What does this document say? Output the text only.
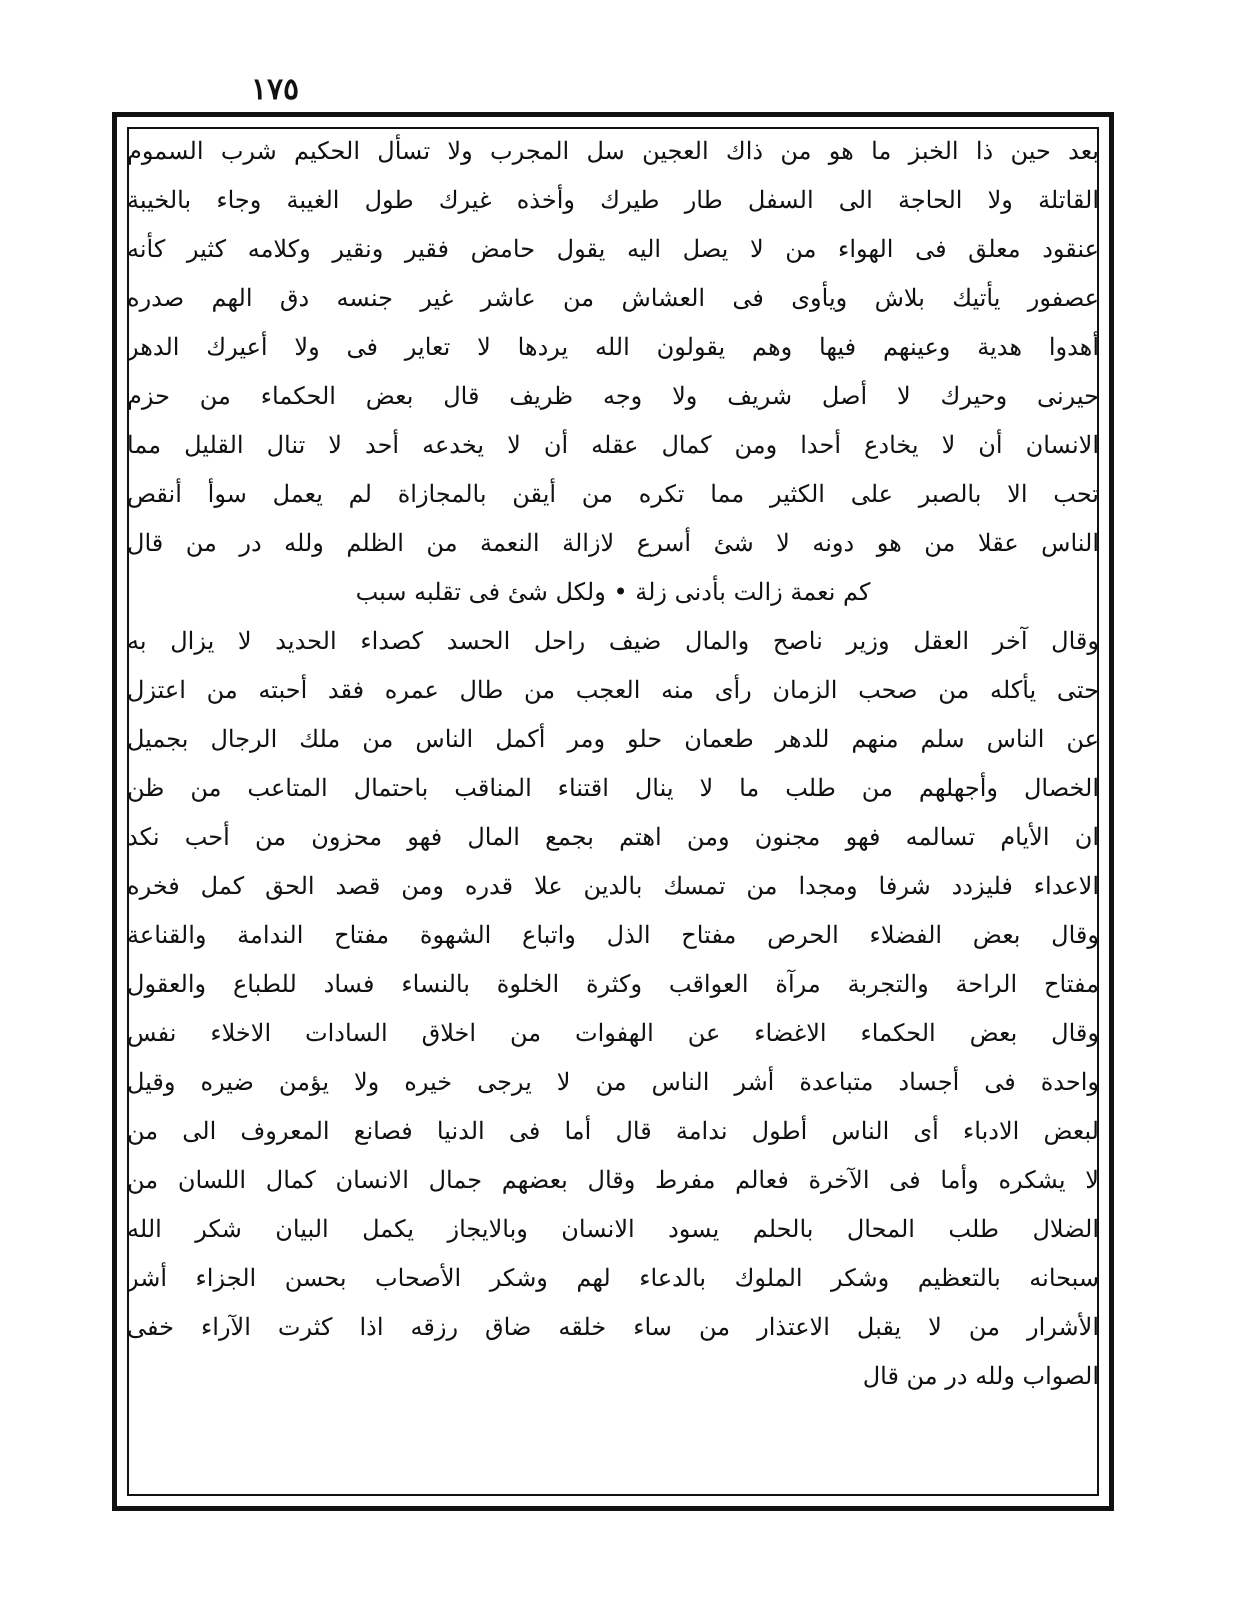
١٧٥
بعد حين ذا الخبز ما هو من ذاك العجين سل المجرب ولا تسأل الحكيم شرب السموم
القاتلة ولا الحاجة الى السفل طار طيرك وأخذه غيرك طول الغيبة وجاء بالخيبة
عنقود معلق فى الهواء من لا يصل اليه يقول حامض فقير ونقير وكلامه كثير كأنه
عصفور يأتيك بلاش ويأوى فى العشاش من عاشر غير جنسه دق الهم صدره
أهدوا هدية وعينهم فيها وهم يقولون الله يردها لا تعاير فى ولا أعيرك الدهر
حيرنى وحيرك لا أصل شريف ولا وجه ظريف قال بعض الحكماء من حزم
الانسان أن لا يخادع أحدا ومن كمال عقله أن لا يخدعه أحد لا تنال القليل مما
تحب الا بالصبر على الكثير مما تكره من أيقن بالمجازاة لم يعمل سوأ أنقص
الناس عقلا من هو دونه لا شئ أسرع لازالة النعمة من الظلم ولله در من قال
كم نعمة زالت بأدنى زلة • ولكل شئ فى تقلبه سبب
وقال آخر العقل وزير ناصح والمال ضيف راحل الحسد كصداء الحديد لا يزال به
حتى يأكله من صحب الزمان رأى منه العجب من طال عمره فقد أحبته من اعتزل
عن الناس سلم منهم للدهر طعمان حلو ومر أكمل الناس من ملك الرجال بجميل
الخصال وأجهلهم من طلب ما لا ينال اقتناء المناقب باحتمال المتاعب من ظن
ان الأيام تسالمه فهو مجنون ومن اهتم بجمع المال فهو محزون من أحب نكد
الاعداء فليزدد شرفا ومجدا من تمسك بالدين علا قدره ومن قصد الحق كمل فخره
وقال بعض الفضلاء الحرص مفتاح الذل واتباع الشهوة مفتاح الندامة والقناعة
مفتاح الراحة والتجربة مرآة العواقب وكثرة الخلوة بالنساء فساد للطباع والعقول
وقال بعض الحكماء الاغضاء عن الهفوات من اخلاق السادات الاخلاء نفس
واحدة فى أجساد متباعدة أشر الناس من لا يرجى خيره ولا يؤمن ضيره وقيل
لبعض الادباء أى الناس أطول ندامة قال أما فى الدنيا فصانع المعروف الى من
لا يشكره وأما فى الآخرة فعالم مفرط وقال بعضهم جمال الانسان كمال اللسان من
الضلال طلب المحال بالحلم يسود الانسان وبالايجاز يكمل البيان شكر الله
سبحانه بالتعظيم وشكر الملوك بالدعاء لهم وشكر الأصحاب بحسن الجزاء أشر
الأشرار من لا يقبل الاعتذار من ساء خلقه ضاق رزقه اذا كثرت الآراء خفى
الصواب ولله در من قال
